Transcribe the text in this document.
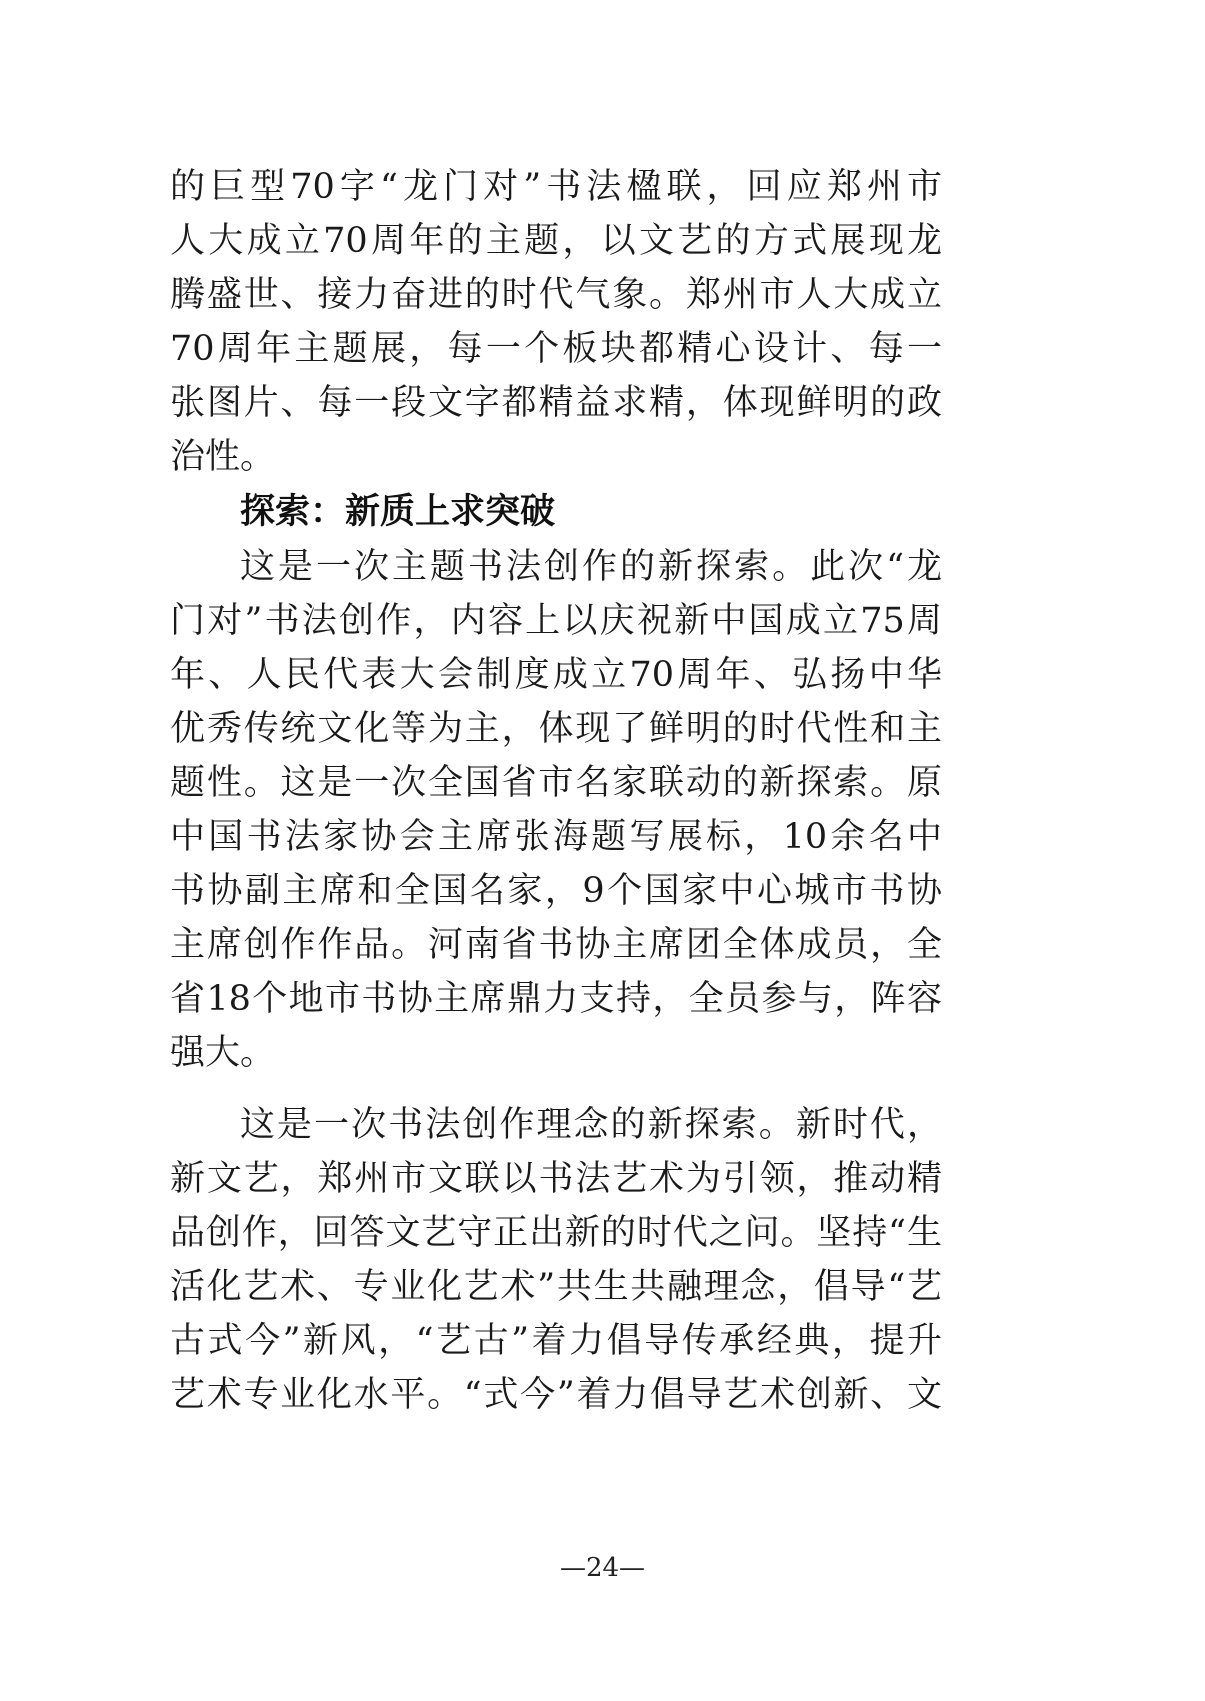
的巨型70字“龙门对”书法楹联，回应郑州市
人大成立70周年的主题，以文艺的方式展现龙
腾盛世、接力奋进的时代气象。郑州市人大成立
70周年主题展，每一个板块都精心设计、每一
张图片、每一段文字都精益求精，体现鲜明的政
治性。
探索：新质上求突破
这是一次主题书法创作的新探索。此次“龙
门对”书法创作，内容上以庆祝新中国成立75周
年、人民代表大会制度成立70周年、弘扬中华
优秀传统文化等为主，体现了鲜明的时代性和主
题性。这是一次全国省市名家联动的新探索。原
中国书法家协会主席张海题写展标，10余名中
书协副主席和全国名家，9个国家中心城市书协
主席创作作品。河南省书协主席团全体成员，全
省18个地市书协主席鼎力支持，全员参与，阵容
强大。
这是一次书法创作理念的新探索。新时代，
新文艺，郑州市文联以书法艺术为引领，推动精
品创作，回答文艺守正出新的时代之问。坚持“生
活化艺术、专业化艺术”共生共融理念，倡导“艺
古式今”新风，“艺古”着力倡导传承经典，提升
艺术专业化水平。“式今”着力倡导艺术创新、文
—24—
